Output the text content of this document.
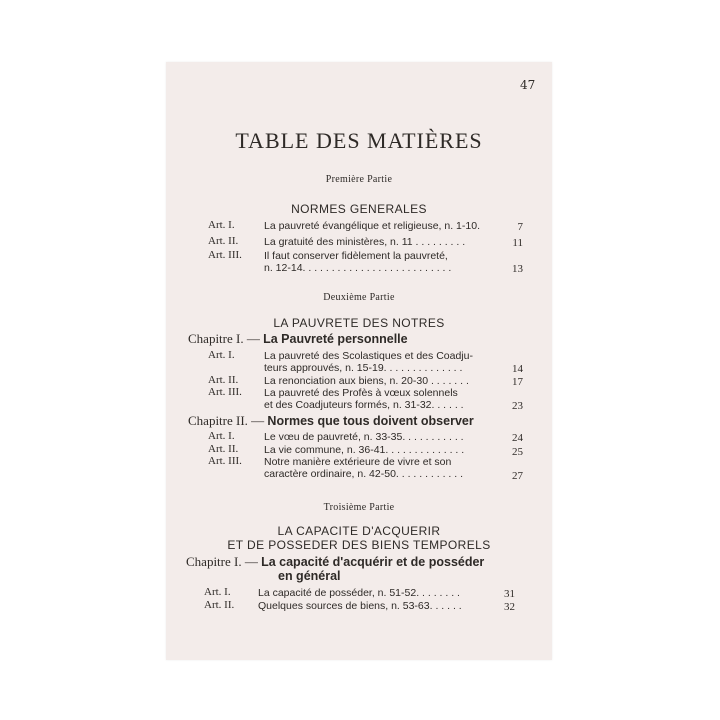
47
TABLE DES MATIÈRES
Première Partie
NORMES GENERALES
Art. I.	La pauvreté évangélique et religieuse, n. 1-10.	7
Art. II. La gratuité des ministères, n. 11 . . . . . . . . .	11
Art. III. Il faut conserver fidèlement la pauvreté,
n. 12-14. . . . . . . . . . . . . . . . . . . . . . . . . .	13
Deuxième Partie
LA PAUVRETE DES NOTRES
Chapitre I. — La Pauvreté personnelle
Art. I.	La pauvreté des Scolastiques et des Coadju-
teurs approuvés, n. 15-19. . . . . . . . . . . . . .	14
Art. II. La renonciation aux biens, n. 20-30 . . . . . . .	17
Art. III. La pauvreté des Profès à vœux solennels
et des Coadjuteurs formés, n. 31-32. . . . . .	23
Chapitre II. — Normes que tous doivent observer
Art. I.	Le vœu de pauvreté, n. 33-35. . . . . . . . . . .	24
Art. II. La vie commune, n. 36-41. . . . . . . . . . . . . .	25
Art. III. Notre manière extérieure de vivre et son
caractère ordinaire, n. 42-50. . . . . . . . . . . .	27
Troisième Partie
LA CAPACITE D'ACQUERIR
ET DE POSSEDER DES BIENS TEMPORELS
Chapitre I. — La capacité d'acquérir et de posséder
en général
Art. I.	La capacité de posséder, n. 51-52. . . . . . . .	31
Art. II. Quelques sources de biens, n. 53-63. . . . . .	32
